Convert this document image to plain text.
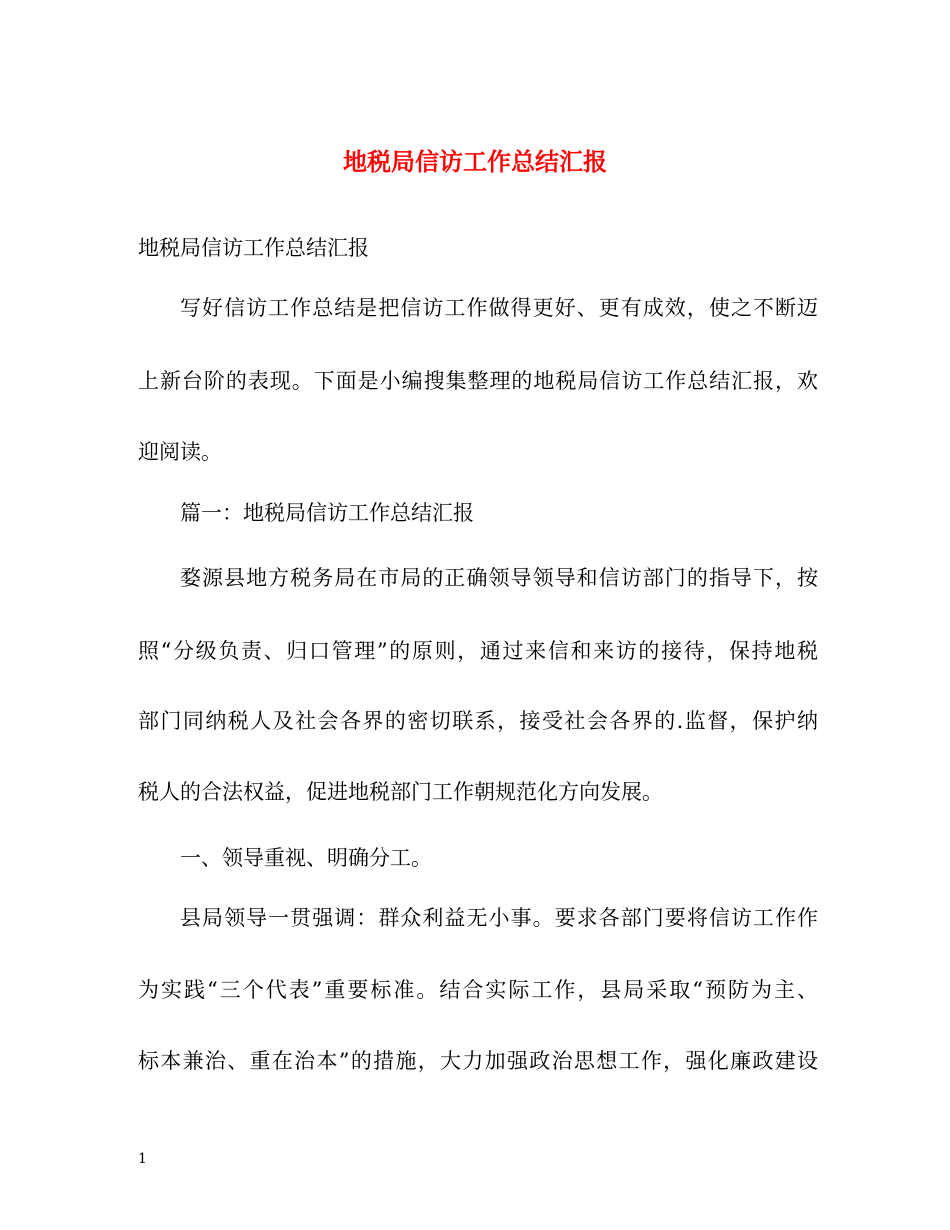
地税局信访工作总结汇报
地税局信访工作总结汇报
写好信访工作总结是把信访工作做得更好、更有成效，使之不断迈
上新台阶的表现。下面是小编搜集整理的地税局信访工作总结汇报，欢
迎阅读。
篇一：地税局信访工作总结汇报
婺源县地方税务局在市局的正确领导领导和信访部门的指导下，按
照“分级负责、归口管理”的原则，通过来信和来访的接待，保持地税
部门同纳税人及社会各界的密切联系，接受社会各界的.监督，保护纳
税人的合法权益，促进地税部门工作朝规范化方向发展。
一、领导重视、明确分工。
县局领导一贯强调：群众利益无小事。要求各部门要将信访工作作
为实践“三个代表”重要标准。结合实际工作，县局采取“预防为主、
标本兼治、重在治本”的措施，大力加强政治思想工作，强化廉政建设
1
